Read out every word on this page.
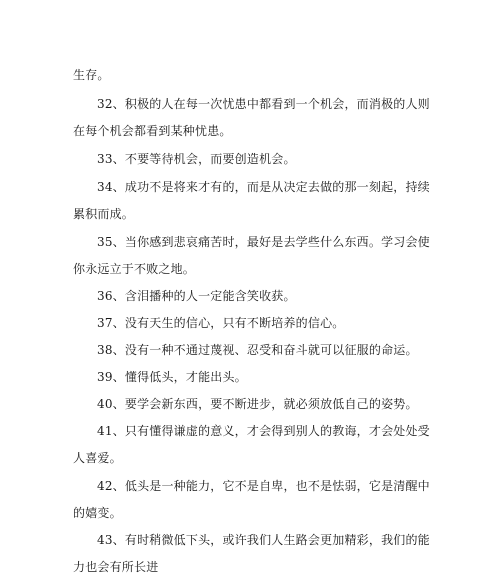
生存。
32、积极的人在每一次忧患中都看到一个机会，而消极的人则
在每个机会都看到某种忧患。
33、不要等待机会，而要创造机会。
34、成功不是将来才有的，而是从决定去做的那一刻起，持续
累积而成。
35、当你感到悲哀痛苦时，最好是去学些什么东西。学习会使
你永远立于不败之地。
36、含泪播种的人一定能含笑收获。
37、没有天生的信心，只有不断培养的信心。
38、没有一种不通过蔑视、忍受和奋斗就可以征服的命运。
39、懂得低头，才能出头。
40、要学会新东西，要不断进步，就必须放低自己的姿势。
41、只有懂得谦虚的意义，才会得到别人的教诲，才会处处受
人喜爱。
42、低头是一种能力，它不是自卑，也不是怯弱，它是清醒中
的嬉变。
43、有时稍微低下头，或许我们人生路会更加精彩，我们的能
力也会有所长进
